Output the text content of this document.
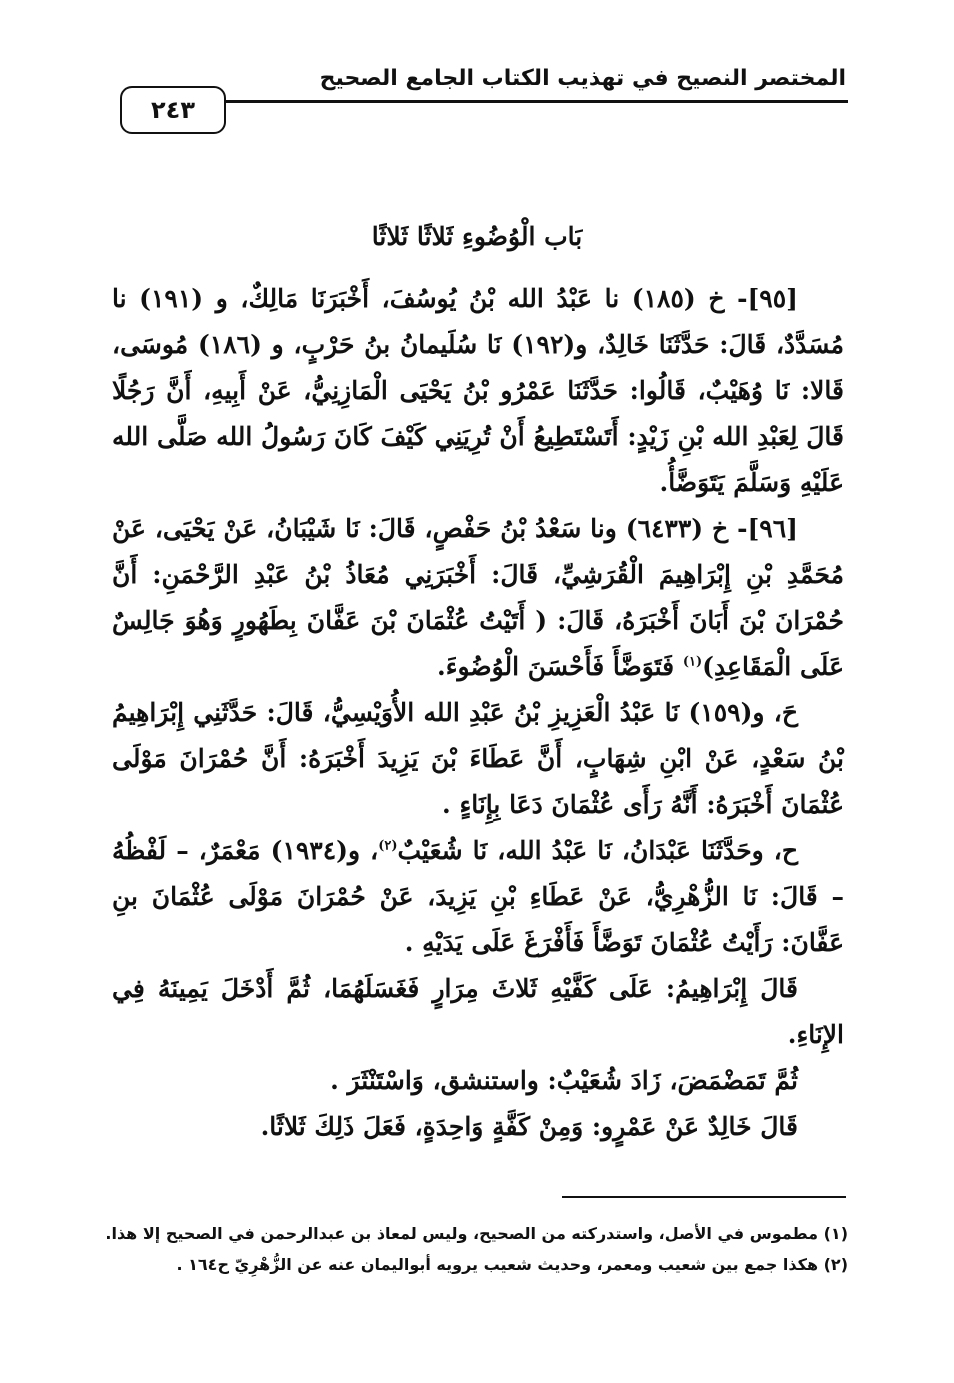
المختصر النصيح في تهذيب الكتاب الجامع الصحيح
٢٤٣
بَاب الْوُضُوءِ ثَلاثًا ثَلاثًا

[٩٥]- خ (١٨٥) نا عَبْدُ الله بْنُ يُوسُفَ، أَخْبَرَنَا مَالِكٌ، و (١٩١) نا مُسَدَّدٌ، قَالَ: حَدَّثَنَا خَالِدٌ، و(١٩٢) نَا سُلَيمانُ بنُ حَرْبٍ، و (١٨٦) مُوسَى، قَالا: نَا وُهَيْبٌ، قَالُوا: حَدَّثَنَا عَمْرُو بْنُ يَحْيَى الْمَازِنِيُّ، عَنْ أَبِيهِ، أَنَّ رَجُلًا قَالَ لِعَبْدِ الله بْنِ زَيْدٍ: أَتَسْتَطِيعُ أَنْ تُرِيَنِي كَيْفَ كَانَ رَسُولُ الله صَلَّى الله عَلَيْهِ وَسَلَّمَ يَتَوَضَّأُ.

[٩٦]- خ (٦٤٣٣) ونا سَعْدُ بْنُ حَفْصٍ، قَالَ: نَا شَيْبَانُ، عَنْ يَحْيَى، عَنْ مُحَمَّدِ بْنِ إِبْرَاهِيمَ الْقُرَشِيِّ، قَالَ: أَخْبَرَنِي مُعَاذُ بْنُ عَبْدِ الرَّحْمَنِ: أَنَّ حُمْرَانَ بْنَ أَبَانَ أَخْبَرَهُ، قَالَ: ( أَتَيْتُ عُثْمَانَ بْنَ عَفَّانَ بِطَهُورٍ وَهُوَ جَالِسٌ عَلَى الْمَقَاعِدِ)$^{(١)}$ فَتَوَضَّأَ فَأَحْسَنَ الْوُضُوءَ.

حَ، و(١٥٩) نَا عَبْدُ الْعَزِيزِ بْنُ عَبْدِ الله الأُوَيْسِيُّ، قَالَ: حَدَّثَنِي إِبْرَاهِيمُ بْنُ سَعْدٍ، عَنْ ابْنِ شِهَابٍ، أَنَّ عَطَاءَ بْنَ يَزِيدَ أَخْبَرَهُ: أَنَّ حُمْرَانَ مَوْلَى عُثْمَانَ أَخْبَرَهُ: أَنَّهُ رَأَى عُثْمَانَ دَعَا بِإِنَاءٍ .

ح، وحَدَّثَنَا عَبْدَانُ، نَا عَبْدُ الله، نَا شُعَيْبٌ$^{(٢)}$، و(١٩٣٤) مَعْمَرٌ، – لَفْظُهُ – قَالَ: نَا الزُّهْرِيُّ، عَنْ عَطَاءِ بْنِ يَزِيدَ، عَنْ حُمْرَانَ مَوْلَى عُثْمَانَ بنِ عَفَّانَ: رَأَيْتُ عُثْمَانَ تَوَضَّأَ فَأَفْرَغَ عَلَى يَدَيْهِ .

قَالَ إِبْرَاهِيمُ: عَلَى كَفَّيْهِ ثَلاثَ مِرَارٍ فَغَسَلَهُمَا، ثُمَّ أَدْخَلَ يَمِينَهُ فِي الإِنَاءِ.

ثُمَّ تَمَضْمَضَ، زَادَ شُعَيْبٌ: واستنشق، وَاسْتَنْثَرَ .

قَالَ خَالِدٌ عَنْ عَمْرٍو: وَمِنْ كَفَّةٍ وَاحِدَةٍ، فَعَلَ ذَلِكَ ثَلاثًا.

(١) مطموس في الأصل، واستدركته من الصحيح، وليس لمعاذ بن عبدالرحمن في الصحيح إلا هذا.

(٢) هكذا جمع بين شعيب ومعمر، وحديث شعيب يرويه أبواليمان عنه عن الزُّهْرِيّ ح١٦٤ .
